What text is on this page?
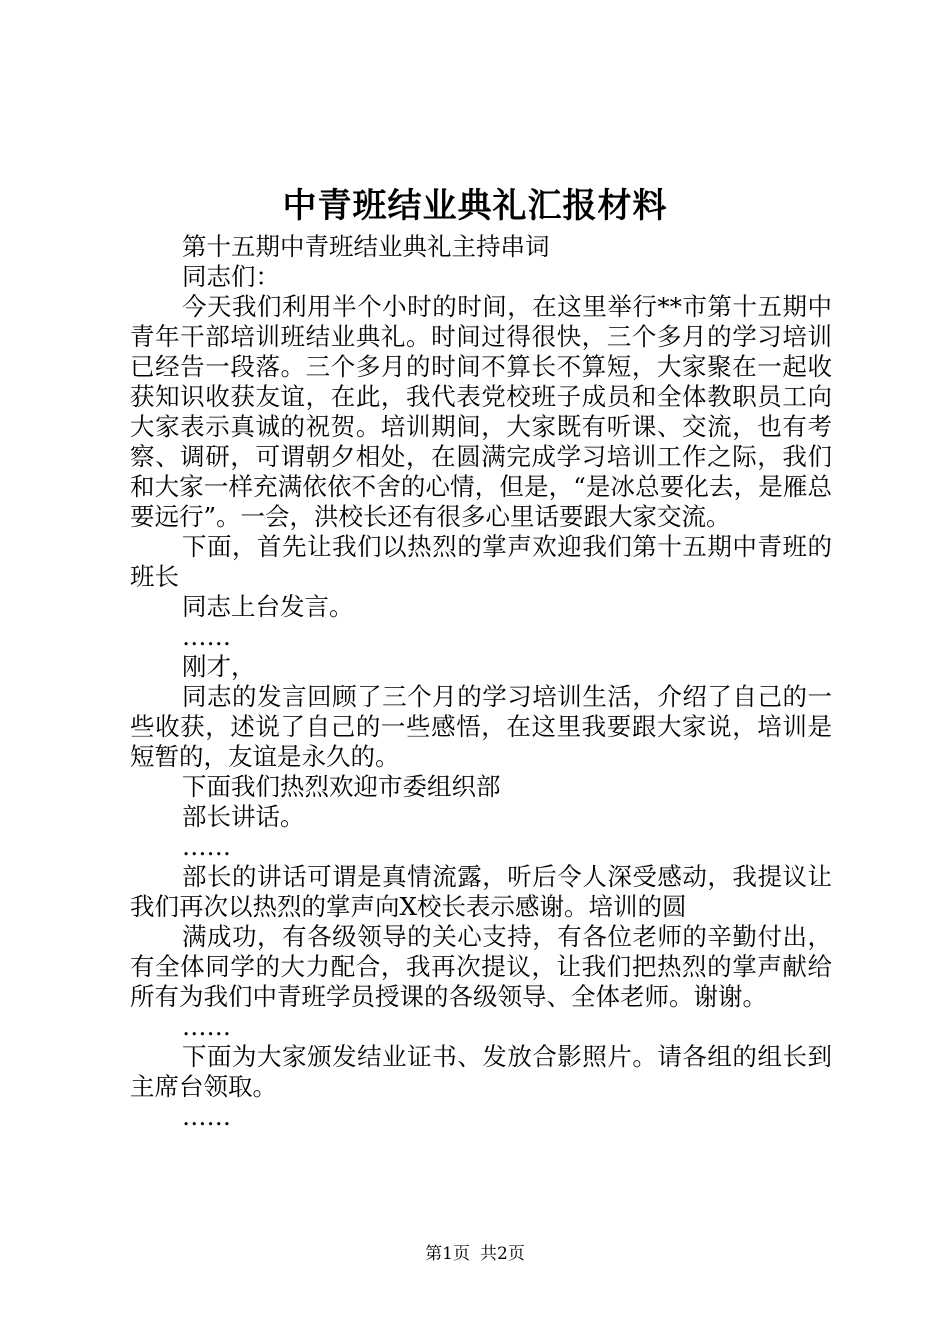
中青班结业典礼汇报材料

第十五期中青班结业典礼主持串词

同志们：

今天我们利用半个小时的时间，在这里举行**市第十五期中青年干部培训班结业典礼。时间过得很快，三个多月的学习培训已经告一段落。三个多月的时间不算长不算短，大家聚在一起收获知识收获友谊，在此，我代表党校班子成员和全体教职员工向大家表示真诚的祝贺。培训期间，大家既有听课、交流，也有考察、调研，可谓朝夕相处，在圆满完成学习培训工作之际，我们和大家一样充满依依不舍的心情，但是，“是冰总要化去，是雁总要远行”。一会，洪校长还有很多心里话要跟大家交流。

下面，首先让我们以热烈的掌声欢迎我们第十五期中青班的班长

同志上台发言。

……

刚才，

同志的发言回顾了三个月的学习培训生活，介绍了自己的一些收获，述说了自己的一些感悟，在这里我要跟大家说，培训是短暂的，友谊是永久的。

下面我们热烈欢迎市委组织部

部长讲话。

……

部长的讲话可谓是真情流露，听后令人深受感动，我提议让我们再次以热烈的掌声向X校长表示感谢。培训的圆

满成功，有各级领导的关心支持，有各位老师的辛勤付出，有全体同学的大力配合，我再次提议，让我们把热烈的掌声献给所有为我们中青班学员授课的各级领导、全体老师。谢谢。

……

下面为大家颁发结业证书、发放合影照片。请各组的组长到主席台领取。

……

第1页 共2页
